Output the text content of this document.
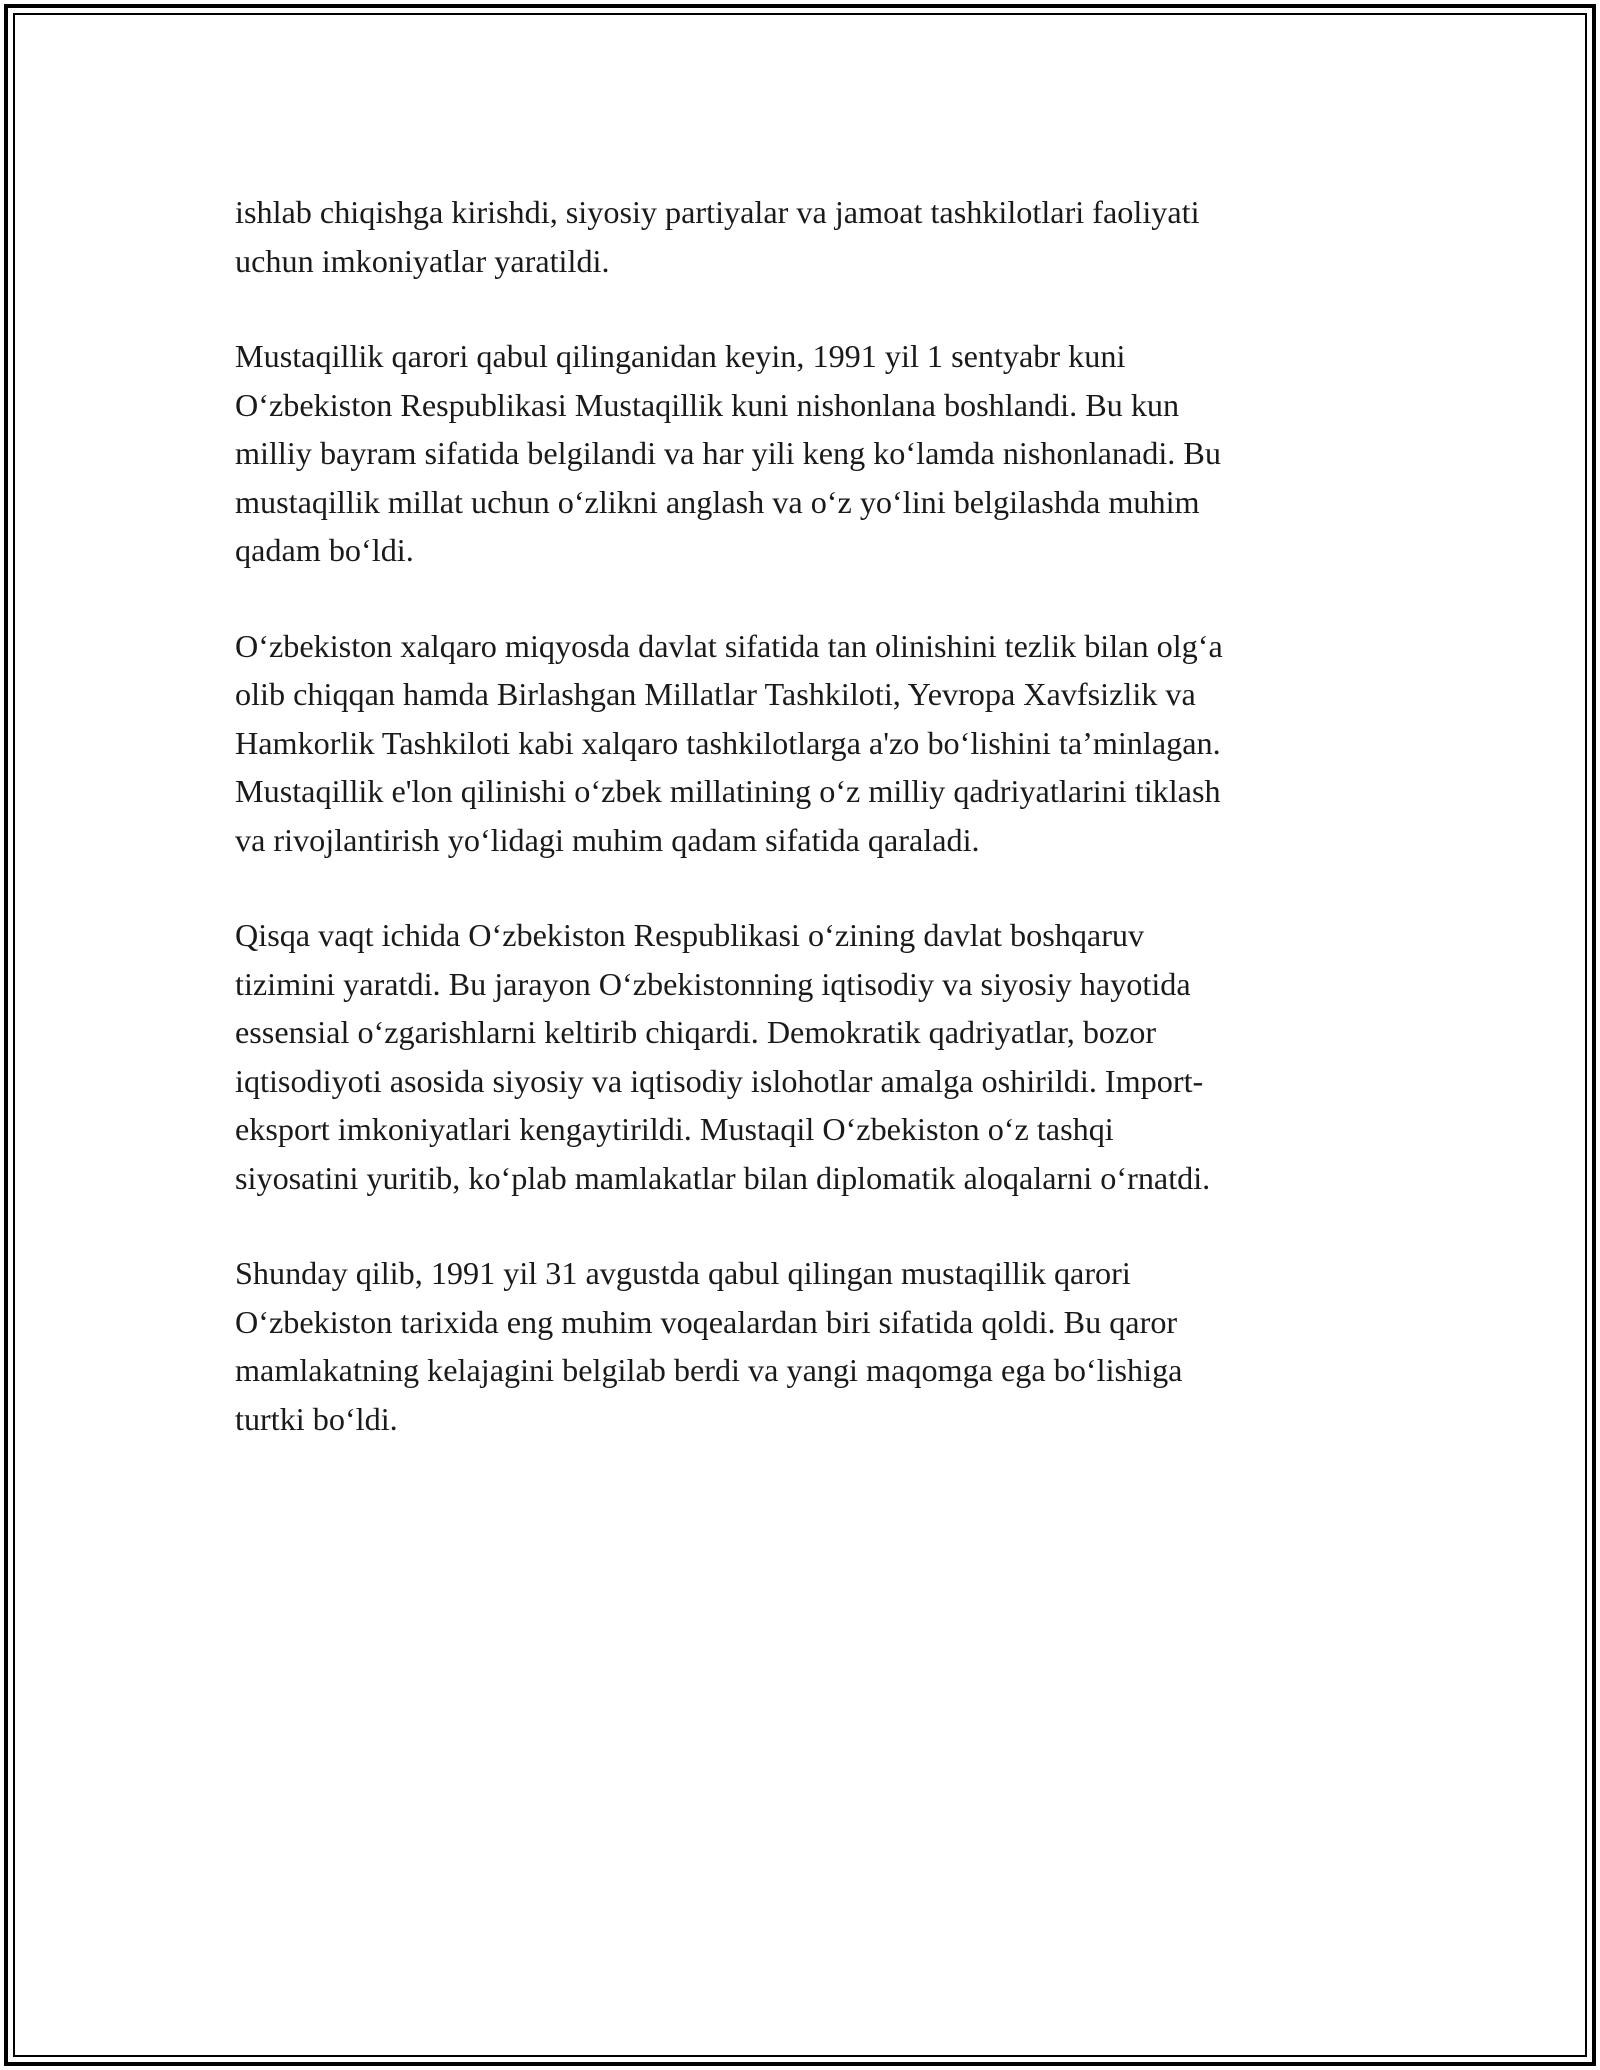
ishlab chiqishga kirishdi, siyosiy partiyalar va jamoat tashkilotlari faoliyati
uchun imkoniyatlar yaratildi.

Mustaqillik qarori qabul qilinganidan keyin, 1991 yil 1 sentyabr kuni
O‘zbekiston Respublikasi Mustaqillik kuni nishonlana boshlandi. Bu kun
milliy bayram sifatida belgilandi va har yili keng ko‘lamda nishonlanadi. Bu
mustaqillik millat uchun o‘zlikni anglash va o‘z yo‘lini belgilashda muhim
qadam bo‘ldi.

O‘zbekiston xalqaro miqyosda davlat sifatida tan olinishini tezlik bilan olg‘a
olib chiqqan hamda Birlashgan Millatlar Tashkiloti, Yevropa Xavfsizlik va
Hamkorlik Tashkiloti kabi xalqaro tashkilotlarga a'zo bo‘lishini ta’minlagan.
Mustaqillik e'lon qilinishi o‘zbek millatining o‘z milliy qadriyatlarini tiklash
va rivojlantirish yo‘lidagi muhim qadam sifatida qaraladi.

Qisqa vaqt ichida O‘zbekiston Respublikasi o‘zining davlat boshqaruv
tizimini yaratdi. Bu jarayon O‘zbekistonning iqtisodiy va siyosiy hayotida
essensial o‘zgarishlarni keltirib chiqardi. Demokratik qadriyatlar, bozor
iqtisodiyoti asosida siyosiy va iqtisodiy islohotlar amalga oshirildi. Import-
eksport imkoniyatlari kengaytirildi. Mustaqil O‘zbekiston o‘z tashqi
siyosatini yuritib, ko‘plab mamlakatlar bilan diplomatik aloqalarni o‘rnatdi.

Shunday qilib, 1991 yil 31 avgustda qabul qilingan mustaqillik qarori
O‘zbekiston tarixida eng muhim voqealardan biri sifatida qoldi. Bu qaror
mamlakatning kelajagini belgilab berdi va yangi maqomga ega bo‘lishiga
turtki bo‘ldi.
